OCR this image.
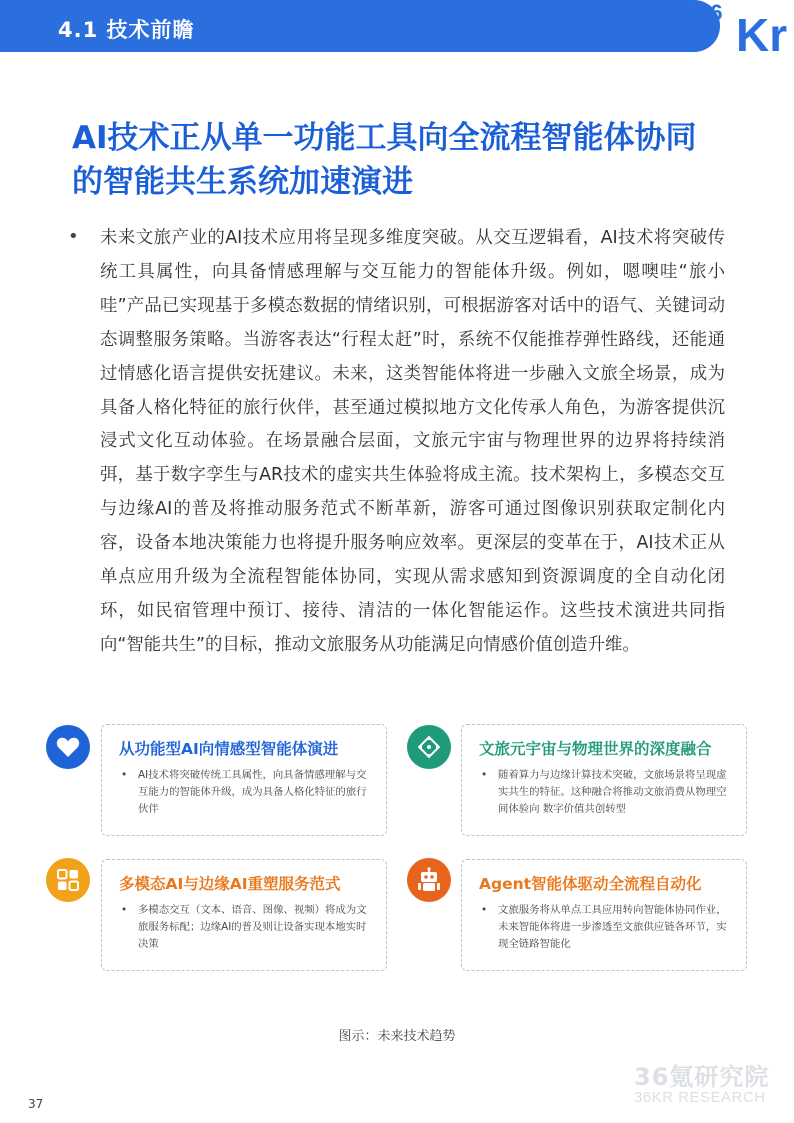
4.1 技术前瞻
36 Kr
AI技术正从单一功能工具向全流程智能体协同
的智能共生系统加速演进
• 未来文旅产业的AI技术应用将呈现多维度突破。从交互逻辑看，AI技术将突破传统工具属性，向具备情感理解与交互能力的智能体升级。例如，嗯噢哇“旅小哇”产品已实现基于多模态数据的情绪识别，可根据游客对话中的语气、关键词动态调整服务策略。当游客表达“行程太赶”时，系统不仅能推荐弹性路线，还能通过情感化语言提供安抚建议。未来，这类智能体将进一步融入文旅全场景，成为具备人格化特征的旅行伙伴，甚至通过模拟地方文化传承人角色，为游客提供沉浸式文化互动体验。在场景融合层面，文旅元宇宙与物理世界的边界将持续消弭，基于数字孪生与AR技术的虚实共生体验将成主流。技术架构上，多模态交互与边缘AI的普及将推动服务范式不断革新，游客可通过图像识别获取定制化内容，设备本地决策能力也将提升服务响应效率。更深层的变革在于，AI技术正从单点应用升级为全流程智能体协同，实现从需求感知到资源调度的全自动化闭环，如民宿管理中预订、接待、清洁的一体化智能运作。这些技术演进共同指向“智能共生”的目标，推动文旅服务从功能满足向情感价值创造升维。

从功能型AI向情感型智能体演进

•	AI技术将突破传统工具属性，向具备情感理解与交互能力的智能体升级，成为具备人格化特征的旅行伙伴

文旅元宇宙与物理世界的深度融合

•	随着算力与边缘计算技术突破，文旅场景将呈现虚实共生的特征。这种融合将推动文旅消费从物理空间体验向 数字价值共创转型

多模态AI与边缘AI重塑服务范式

•	多模态交互（文本、语音、图像、视频）将成为文旅服务标配；边缘AI的普及则让设备实现本地实时决策

Agent智能体驱动全流程自动化

•	文旅服务将从单点工具应用转向智能体协同作业，未来智能体将进一步渗透至文旅供应链各环节，实现全链路智能化

图示：未来技术趋势
36氪研究院
36KR RESEARCH
37
